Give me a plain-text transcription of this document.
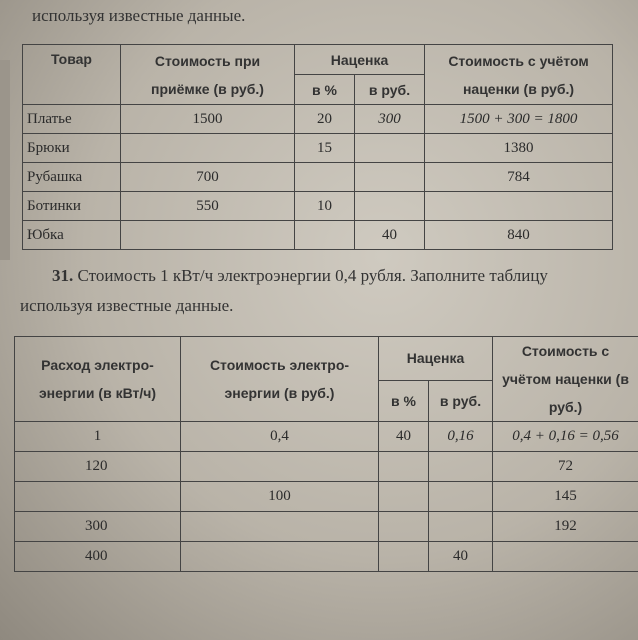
используя известные данные.
Товар	Стоимость при приёмке (в руб.)	Наценка		Стоимость с учётом наценки (в руб.)
		в %	в руб.	
Платье	1500	20	300	1500 + 300 = 1800
Брюки		15		1380
Рубашка	700			784
Ботинки	550	10		
Юбка			40	840
31. Стоимость 1 кВт/ч электроэнергии 0,4 рубля. Заполните таблицу
используя известные данные.
Расход электро- энергии (в кВт/ч)	Стоимость электро- энергии (в руб.)	Наценка		Стоимость с учётом наценки (в руб.)
		в %	в руб.	
1	0,4	40	0,16	0,4 + 0,16 = 0,56
120				72
	100			145
300				192
400			40	
